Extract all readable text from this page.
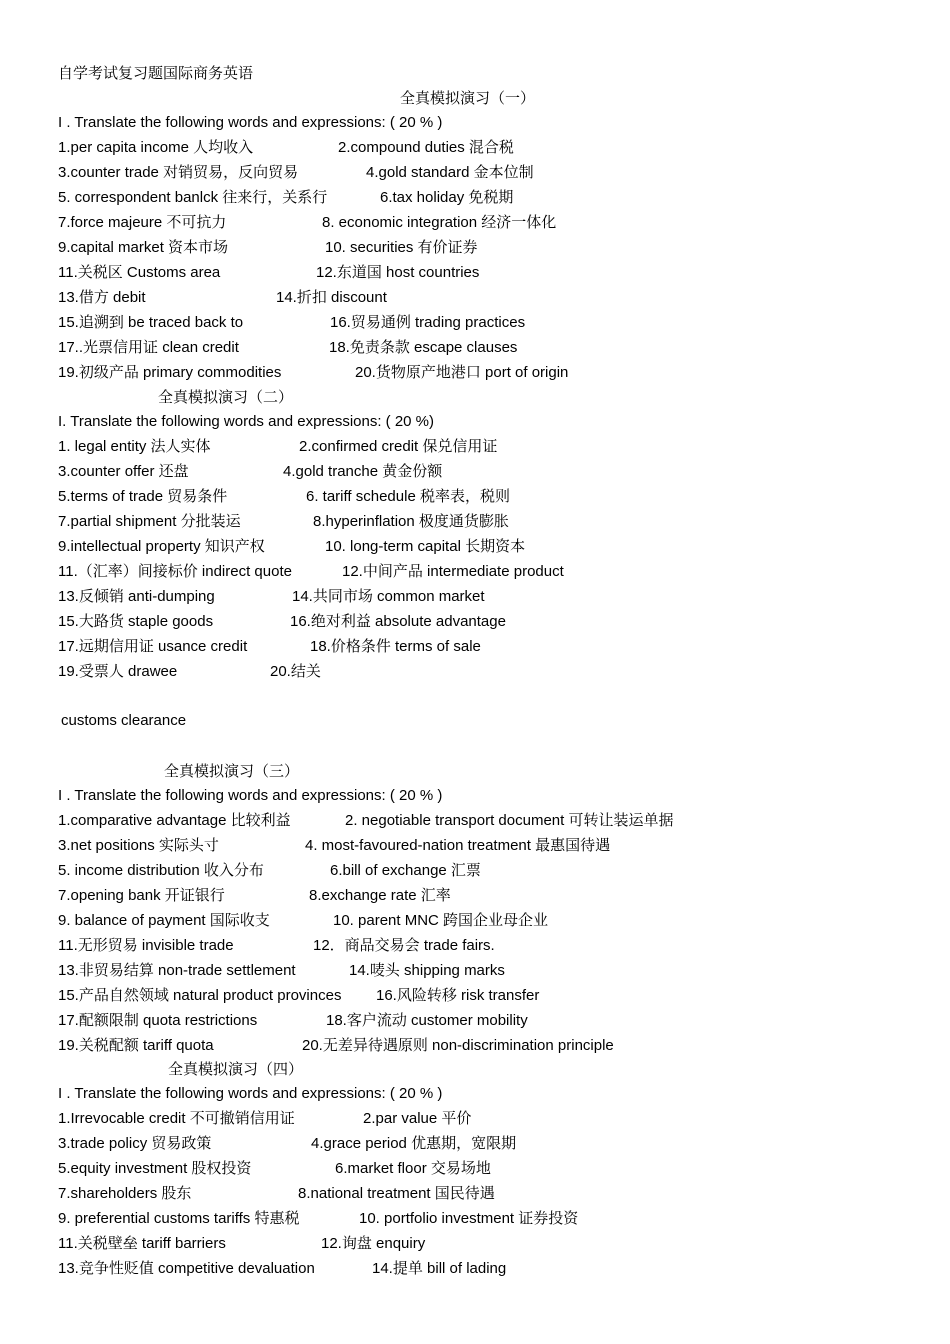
自学考试复习题国际商务英语
全真模拟演习（一）
I . Translate the following words and expressions: ( 20 % )
1.per capita income 人均收入	2.compound duties 混合税
3.counter trade 对销贸易，反向贸易	4.gold standard 金本位制
5. correspondent banlck 往来行，关系行	6.tax holiday 免税期
7.force majeure 不可抗力	8. economic integration 经济一体化
9.capital market 资本市场	10. securities 有价证券
11.关税区 Customs area	12.东道国 host countries
13.借方 debit	14.折扣 discount
15.追溯到 be traced back to	16.贸易通例 trading practices
17..光票信用证 clean credit	18.免责条款 escape clauses
19.初级产品 primary commodities	20.货物原产地港口 port of origin
全真模拟演习（二）
I. Translate the following words and expressions: ( 20 %)
1. legal entity 法人实体	2.confirmed credit 保兑信用证
3.counter offer 还盘	4.gold tranche 黄金份额
5.terms of trade 贸易条件	6. tariff schedule 税率表，税则
7.partial shipment 分批装运	8.hyperinflation 极度通货膨胀
9.intellectual property 知识产权	10. long-term capital 长期资本
11.（汇率）间接标价 indirect quote	12.中间产品 intermediate product
13.反倾销 anti-dumping	14.共同市场 common market
15.大路货 staple goods	16.绝对利益 absolute advantage
17.远期信用证 usance credit	18.价格条件 terms of sale
19.受票人 drawee	20.结关
customs clearance
全真模拟演习（三）
I . Translate the following words and expressions: ( 20 % )
1.comparative advantage 比较利益	2. negotiable transport document 可转让装运单据
3.net positions 实际头寸	4. most-favoured-nation treatment 最惠国待遇
5. income distribution 收入分布	6.bill of exchange 汇票
7.opening bank 开证银行	8.exchange rate 汇率
9. balance of payment 国际收支	10. parent MNC 跨国企业母企业
11.无形贸易 invisible trade	12．商品交易会 trade fairs.
13.非贸易结算 non-trade settlement	14.唛头 shipping marks
15.产品自然领域 natural product provinces 16.风险转移 risk transfer
17.配额限制 quota restrictions	18.客户流动 customer mobility
19.关税配额 tariff quota	20.无差异待遇原则 non-discrimination principle
全真模拟演习（四）
I . Translate the following words and expressions: ( 20 % )
1.Irrevocable credit 不可撤销信用证	2.par value 平价
3.trade policy 贸易政策	4.grace period 优惠期，宽限期
5.equity investment 股权投资	6.market floor 交易场地
7.shareholders 股东	8.national treatment 国民待遇
9. preferential customs tariffs 特惠税	10. portfolio investment 证券投资
11.关税壁垒 tariff barriers	12.询盘 enquiry
13.竞争性贬值 competitive devaluation	14.提单 bill of lading
